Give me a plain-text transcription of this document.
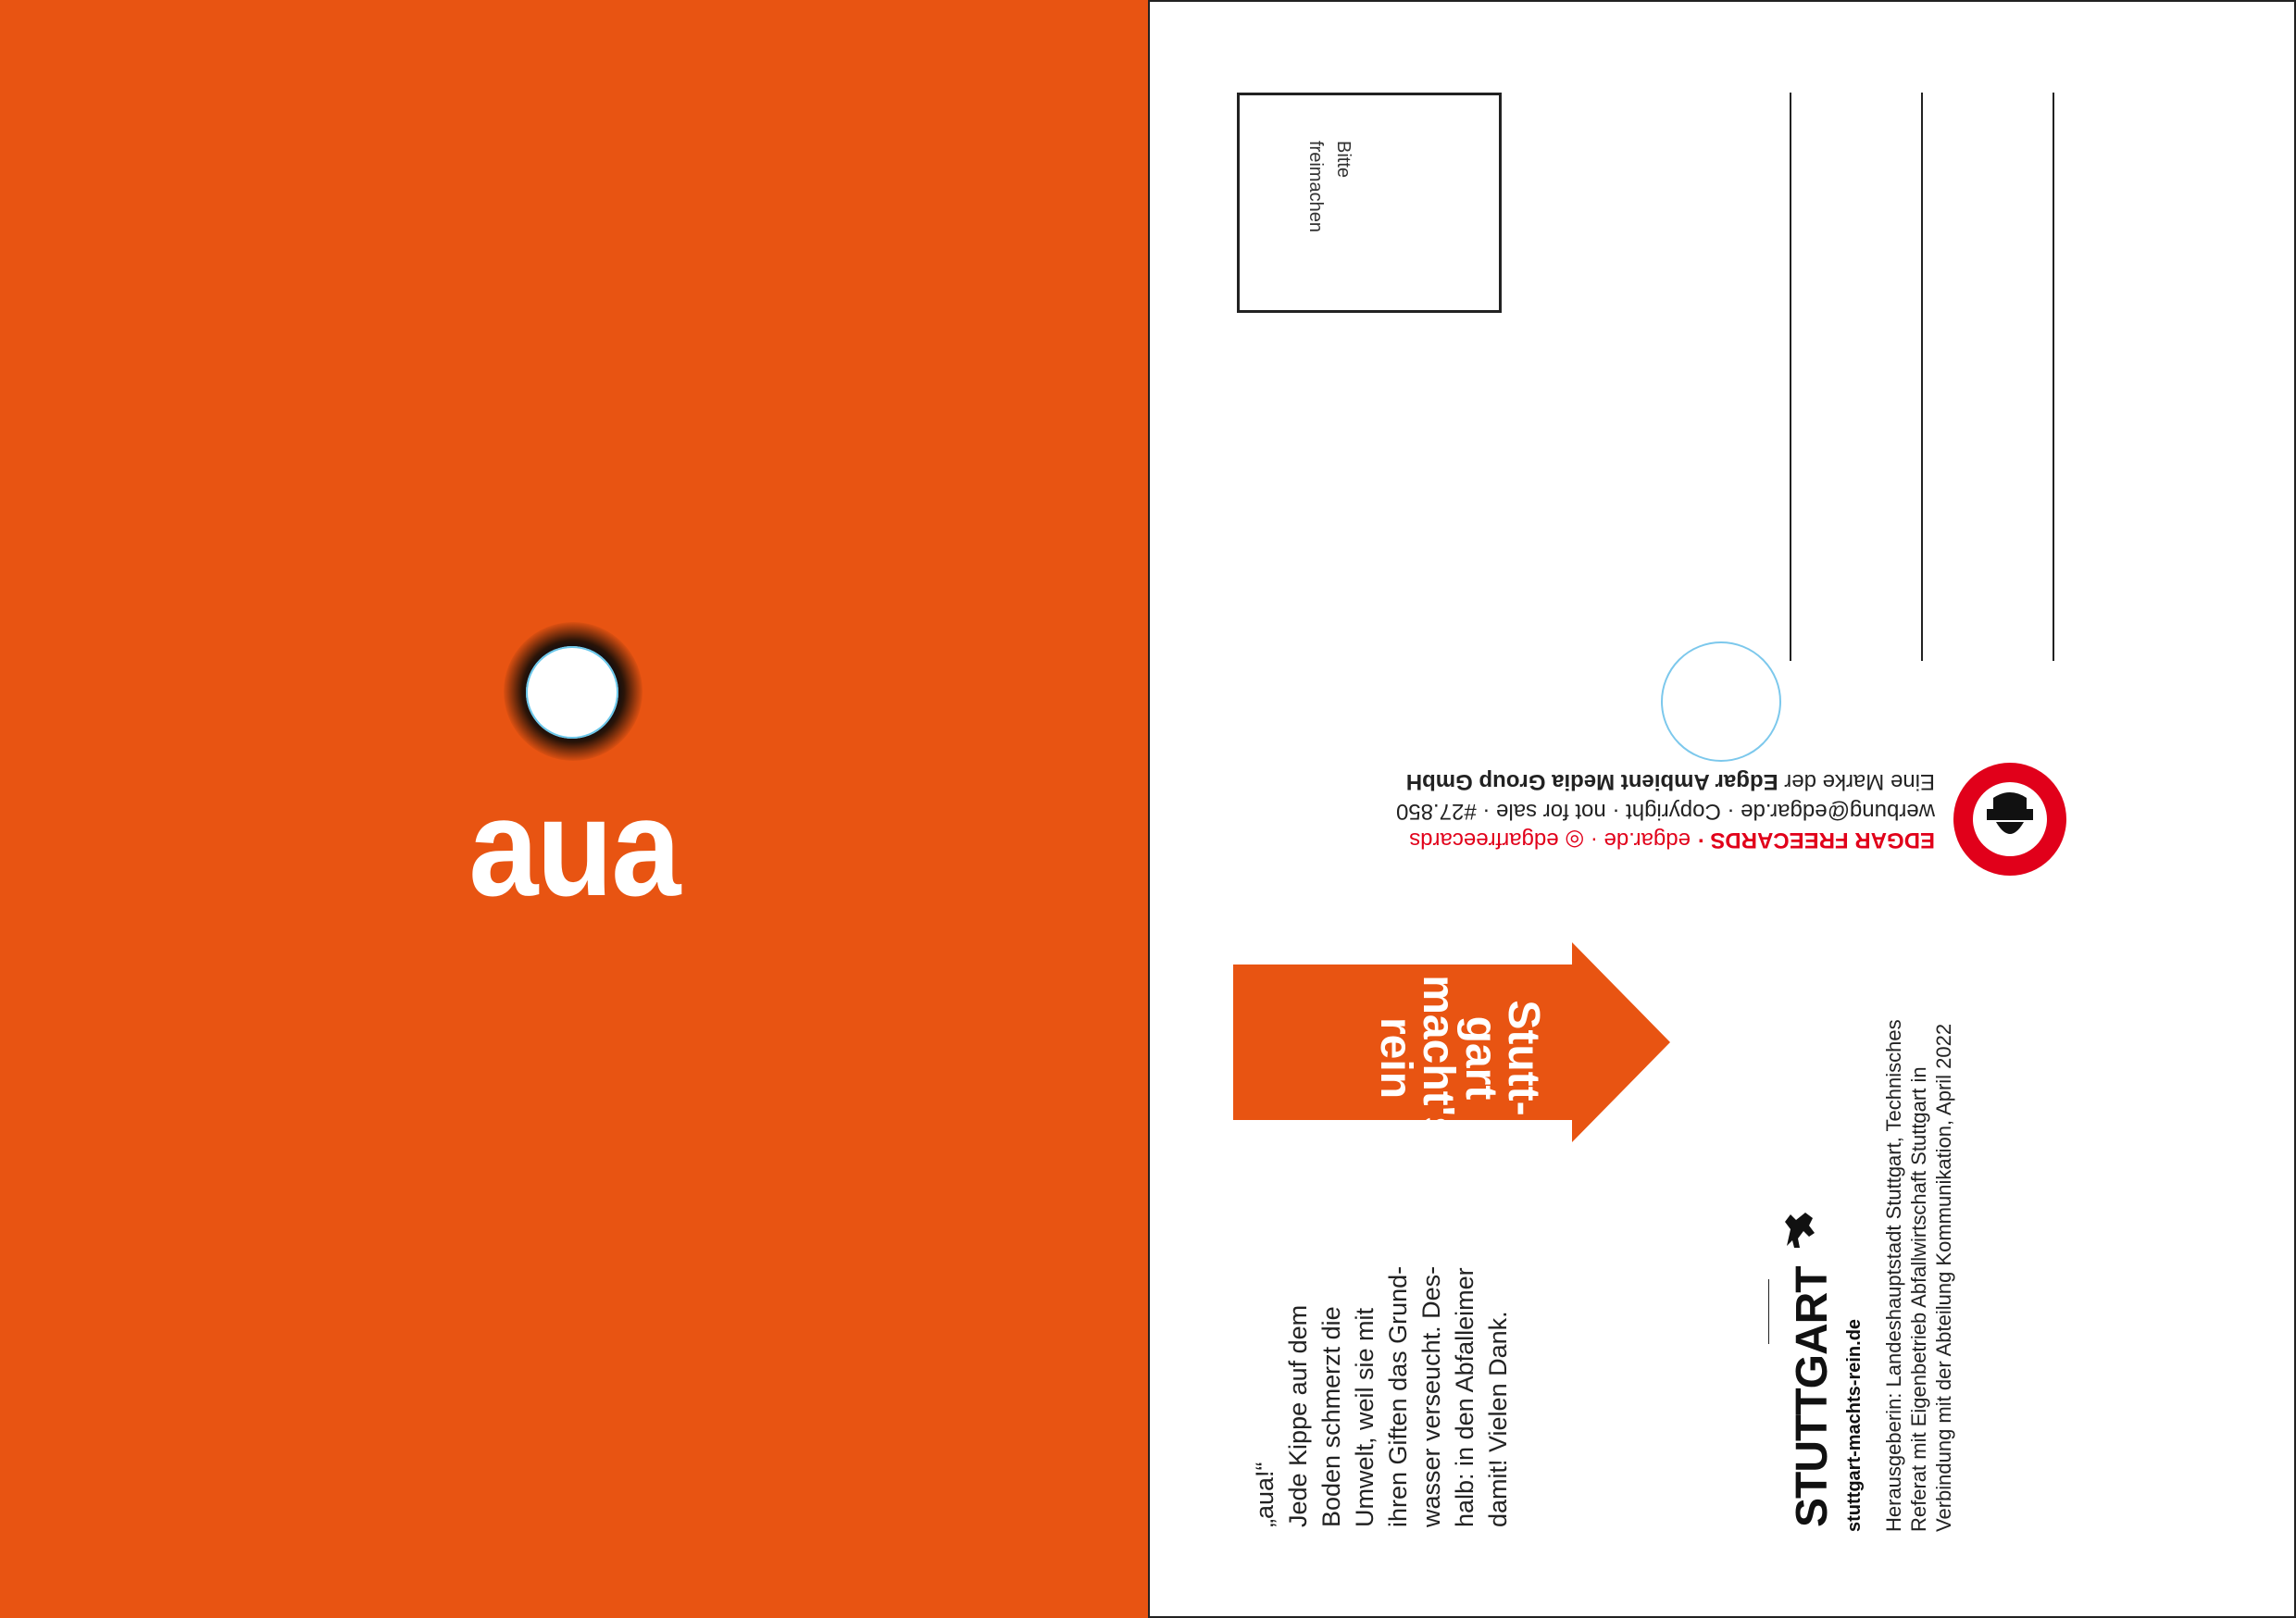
aua
Bitte
freimachen
EDGAR FREECARDS · edgar.de · ◎ edgarfreecards
werbung@edgar.de · Copyright · not for sale · #27.850
Eine Marke der Edgar Ambient Media Group GmbH
Stutt-
gart
macht's
rein
„aua!“ Jede Kippe auf dem Boden schmerzt die Umwelt, weil sie mit ihren Giften das Grund- wasser verseucht. Des- halb: in den Abfalleimer damit! Vielen Dank.	STUTTGART stuttgart-machts-rein.de Herausgeberin: Landeshauptstadt Stuttgart, Technisches Referat mit Eigenbetrieb Abfallwirtschaft Stuttgart in Verbindung mit der Abteilung Kommunikation, April 2022
